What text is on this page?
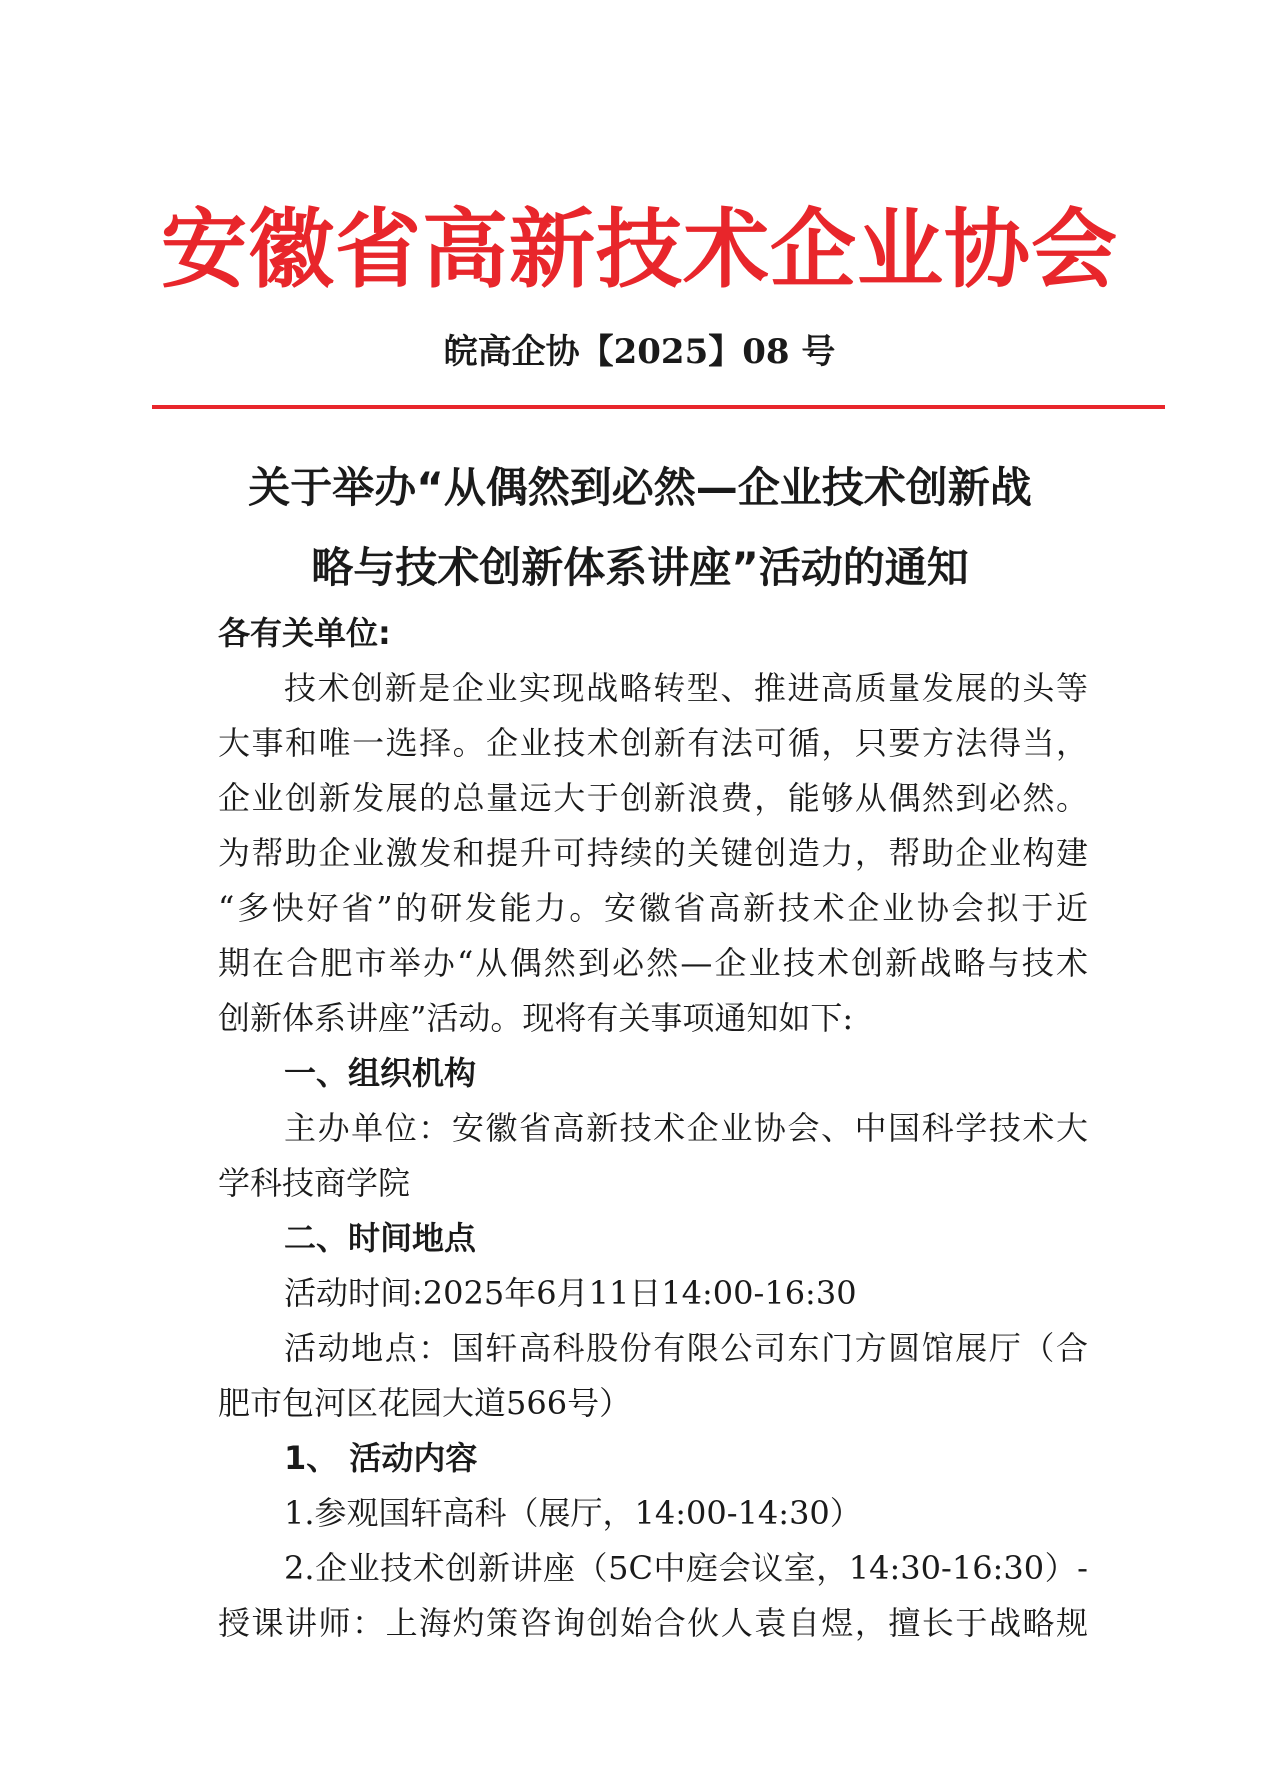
安徽省高新技术企业协会
皖高企协【2025】08 号
关于举办“从偶然到必然—企业技术创新战
略与技术创新体系讲座”活动的通知
各有关单位:
技术创新是企业实现战略转型、推进高质量发展的头等
大事和唯一选择。企业技术创新有法可循，只要方法得当，
企业创新发展的总量远大于创新浪费，能够从偶然到必然。
为帮助企业激发和提升可持续的关键创造力，帮助企业构建
“多快好省”的研发能力。安徽省高新技术企业协会拟于近
期在合肥市举办“从偶然到必然—企业技术创新战略与技术
创新体系讲座”活动。现将有关事项通知如下:
一、组织机构
主办单位：安徽省高新技术企业协会、中国科学技术大
学科技商学院
二、时间地点
活动时间:2025年6月11日14:00-16:30
活动地点：国轩高科股份有限公司东门方圆馆展厅（合
肥市包河区花园大道566号）
1、 活动内容
1.参观国轩高科（展厅，14:00-14:30）
2.企业技术创新讲座（5C中庭会议室，14:30-16:30）-
授课讲师：上海灼策咨询创始合伙人袁自煜，擅长于战略规
